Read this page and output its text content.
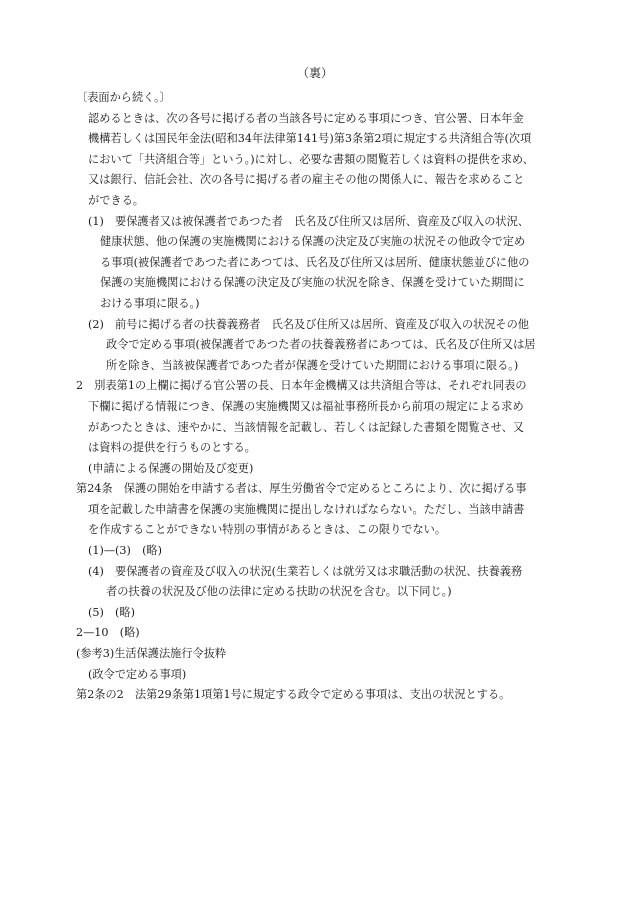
（裏）
〔表面から続く。〕
認めるときは、次の各号に掲げる者の当該各号に定める事項につき、官公署、日本年金
機構若しくは国民年金法(昭和34年法律第141号)第3条第2項に規定する共済組合等(次項
において「共済組合等」という。)に対し、必要な書類の閲覧若しくは資料の提供を求め、
又は銀行、信託会社、次の各号に掲げる者の雇主その他の関係人に、報告を求めること
ができる。
(1)　要保護者又は被保護者であつた者　氏名及び住所又は居所、資産及び収入の状況、
健康状態、他の保護の実施機関における保護の決定及び実施の状況その他政令で定め
る事項(被保護者であつた者にあつては、氏名及び住所又は居所、健康状態並びに他の
保護の実施機関における保護の決定及び実施の状況を除き、保護を受けていた期間に
おける事項に限る。)
(2)　前号に掲げる者の扶養義務者　氏名及び住所又は居所、資産及び収入の状況その他
政令で定める事項(被保護者であつた者の扶養義務者にあつては、氏名及び住所又は居
所を除き、当該被保護者であつた者が保護を受けていた期間における事項に限る。)
2　別表第1の上欄に掲げる官公署の長、日本年金機構又は共済組合等は、それぞれ同表の
下欄に掲げる情報につき、保護の実施機関又は福祉事務所長から前項の規定による求め
があつたときは、速やかに、当該情報を記載し、若しくは記録した書類を閲覧させ、又
は資料の提供を行うものとする。
(申請による保護の開始及び変更)
第24条　保護の開始を申請する者は、厚生労働省令で定めるところにより、次に掲げる事
項を記載した申請書を保護の実施機関に提出しなければならない。ただし、当該申請書
を作成することができない特別の事情があるときは、この限りでない。
(1)—(3)　(略)
(4)　要保護者の資産及び収入の状況(生業若しくは就労又は求職活動の状況、扶養義務
者の扶養の状況及び他の法律に定める扶助の状況を含む。以下同じ。)
(5)　(略)
2—10　(略)
(参考3)生活保護法施行令抜粋
(政令で定める事項)
第2条の2　法第29条第1項第1号に規定する政令で定める事項は、支出の状況とする。
